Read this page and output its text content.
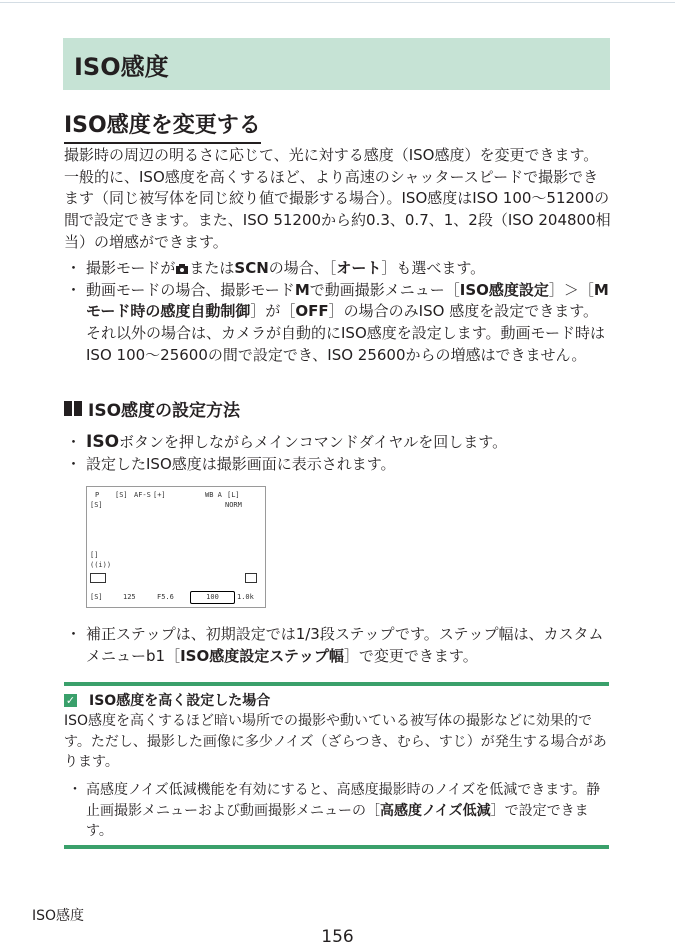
ISO感度
ISO感度を変更する

撮影時の周辺の明るさに応じて、光に対する感度（ISO感度）を変更できます。一般的に、ISO感度を高くするほど、より高速のシャッタースピードで撮影できます（同じ被写体を同じ絞り値で撮影する場合）。ISO感度はISO 100〜51200の間で設定できます。また、ISO 51200から約0.3、0.7、1、2段（ISO 204800相当）の増感ができます。

・ 撮影モードが またはSCNの場合、［オート］も選べます。
・ 動画モードの場合、撮影モードMで動画撮影メニュー［ISO感度設定］＞［Mモード時の感度自動制御］が［OFF］の場合のみISO 感度を設定できます。それ以外の場合は、カメラが自動的にISO感度を設定します。動画モード時はISO 100〜25600の間で設定でき、ISO 25600からの増感はできません。
ISO感度の設定方法
・ ISOボタンを押しながらメインコマンドダイヤルを回します。
・ 設定したISO感度は撮影画面に表示されます。
P [S] AF-S [+]	WB A [L]
NORM
[S]
[]
((i))
[S]	125	F5.6	100	1.0k
・ 補正ステップは、初期設定では1/3段ステップです。ステップ幅は、カスタムメニューb1［ISO感度設定ステップ幅］で変更できます。
✓ ISO感度を高く設定した場合

ISO感度を高くするほど暗い場所での撮影や動いている被写体の撮影などに効果的です。ただし、撮影した画像に多少ノイズ（ざらつき、むら、すじ）が発生する場合があります。

・ 高感度ノイズ低減機能を有効にすると、高感度撮影時のノイズを低減できます。静止画撮影メニューおよび動画撮影メニューの［高感度ノイズ低減］で設定できます。
ISO感度
156
